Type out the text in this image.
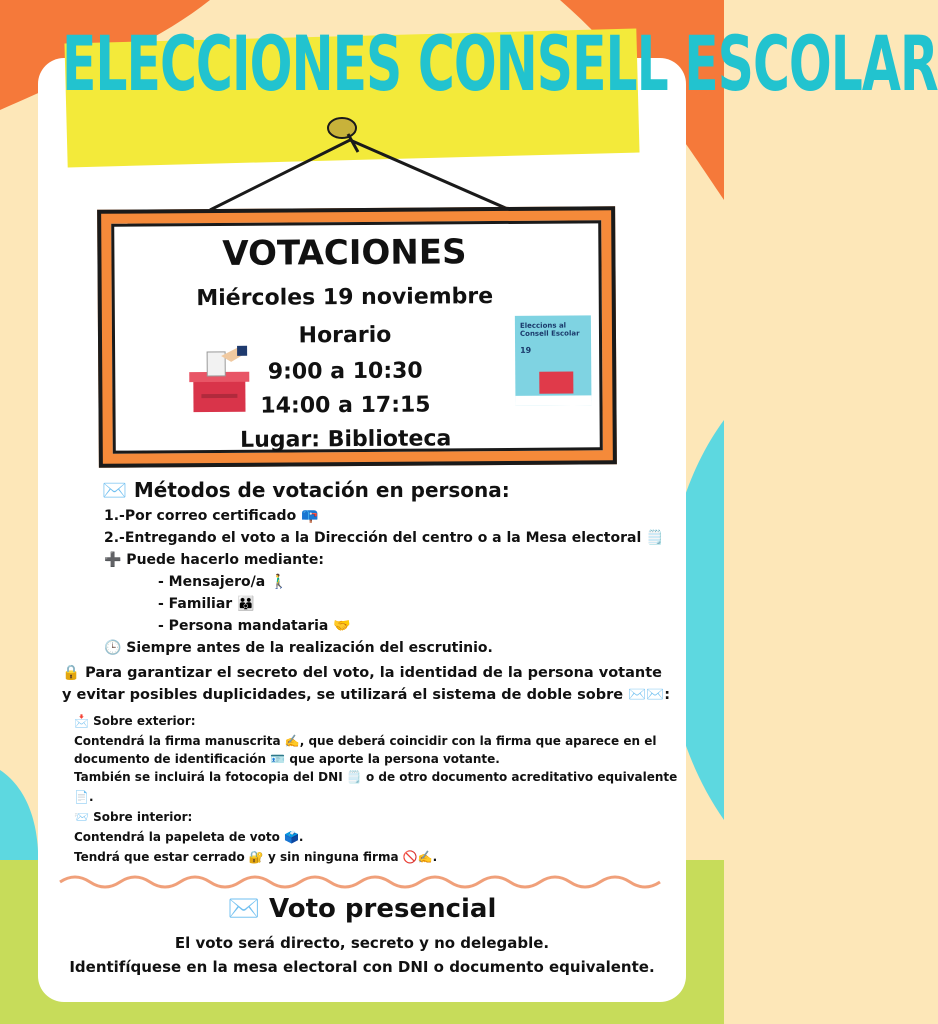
ELECCIONES CONSELL ESCOLAR
VOTACIONES
Miércoles 19 noviembre
Horario
9:00 a 10:30
14:00 a 17:15
Lugar: Biblioteca
Eleccions al Consell Escolar
19
✉️ Métodos de votación en persona:
1.-Por correo certificado 📪
2.-Entregando el voto a la Dirección del centro o a la Mesa electoral 🗒️
➕ Puede hacerlo mediante:
- Mensajero/a 🚶‍♂️
- Familiar 👪
- Persona mandataria 🤝
🕒 Siempre antes de la realización del escrutinio.
🔒 Para garantizar el secreto del voto, la identidad de la persona votante
y evitar posibles duplicidades, se utilizará el sistema de doble sobre ✉️✉️:
📩 Sobre exterior:
Contendrá la firma manuscrita ✍️, que deberá coincidir con la firma que aparece en el
documento de identificación 🪪 que aporte la persona votante.
También se incluirá la fotocopia del DNI 🗒️ o de otro documento acreditativo equivalente
📄.
📨 Sobre interior:
Contendrá la papeleta de voto 🗳️.
Tendrá que estar cerrado 🔐 y sin ninguna firma 🚫✍️.
✉️ Voto presencial
El voto será directo, secreto y no delegable.
Identifíquese en la mesa electoral con DNI o documento equivalente.
